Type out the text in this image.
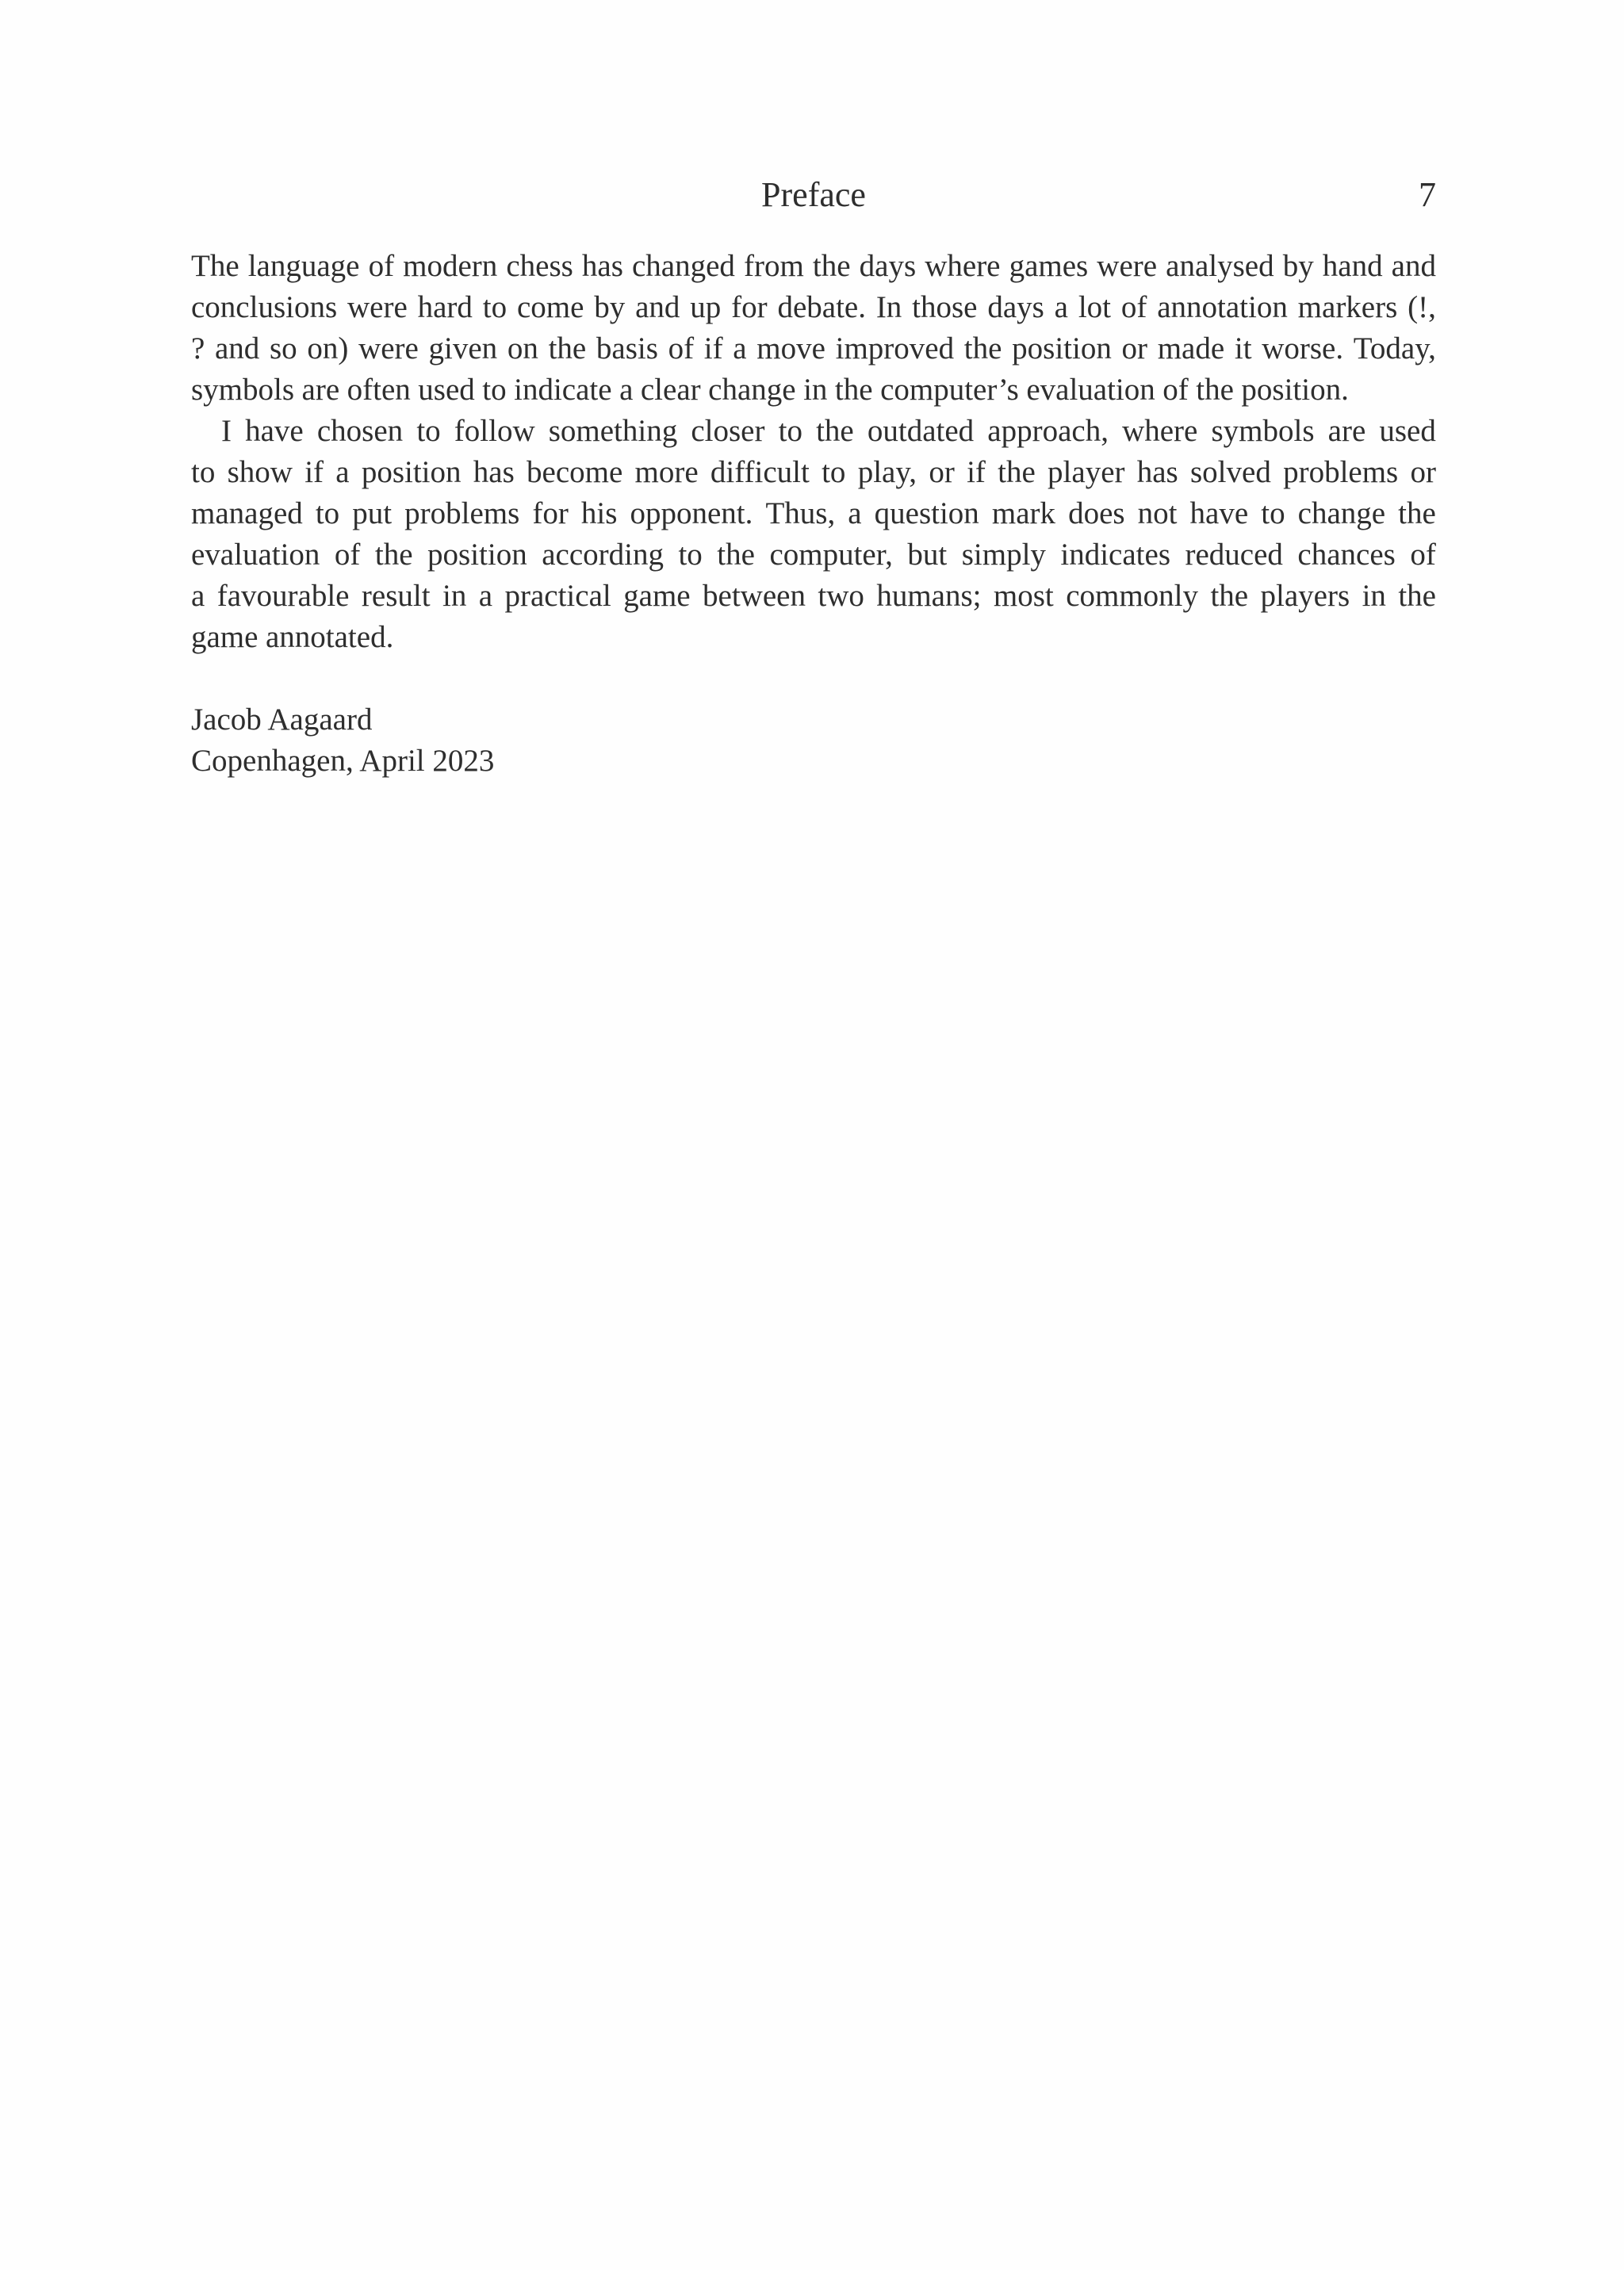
Preface	7
The language of modern chess has changed from the days where games were analysed by hand and
conclusions were hard to come by and up for debate. In those days a lot of annotation markers (!,
? and so on) were given on the basis of if a move improved the position or made it worse. Today,
symbols are often used to indicate a clear change in the computer’s evaluation of the position.
I have chosen to follow something closer to the outdated approach, where symbols are used
to show if a position has become more difficult to play, or if the player has solved problems or
managed to put problems for his opponent. Thus, a question mark does not have to change the
evaluation of the position according to the computer, but simply indicates reduced chances of
a favourable result in a practical game between two humans; most commonly the players in the
game annotated.
Jacob Aagaard
Copenhagen, April 2023
